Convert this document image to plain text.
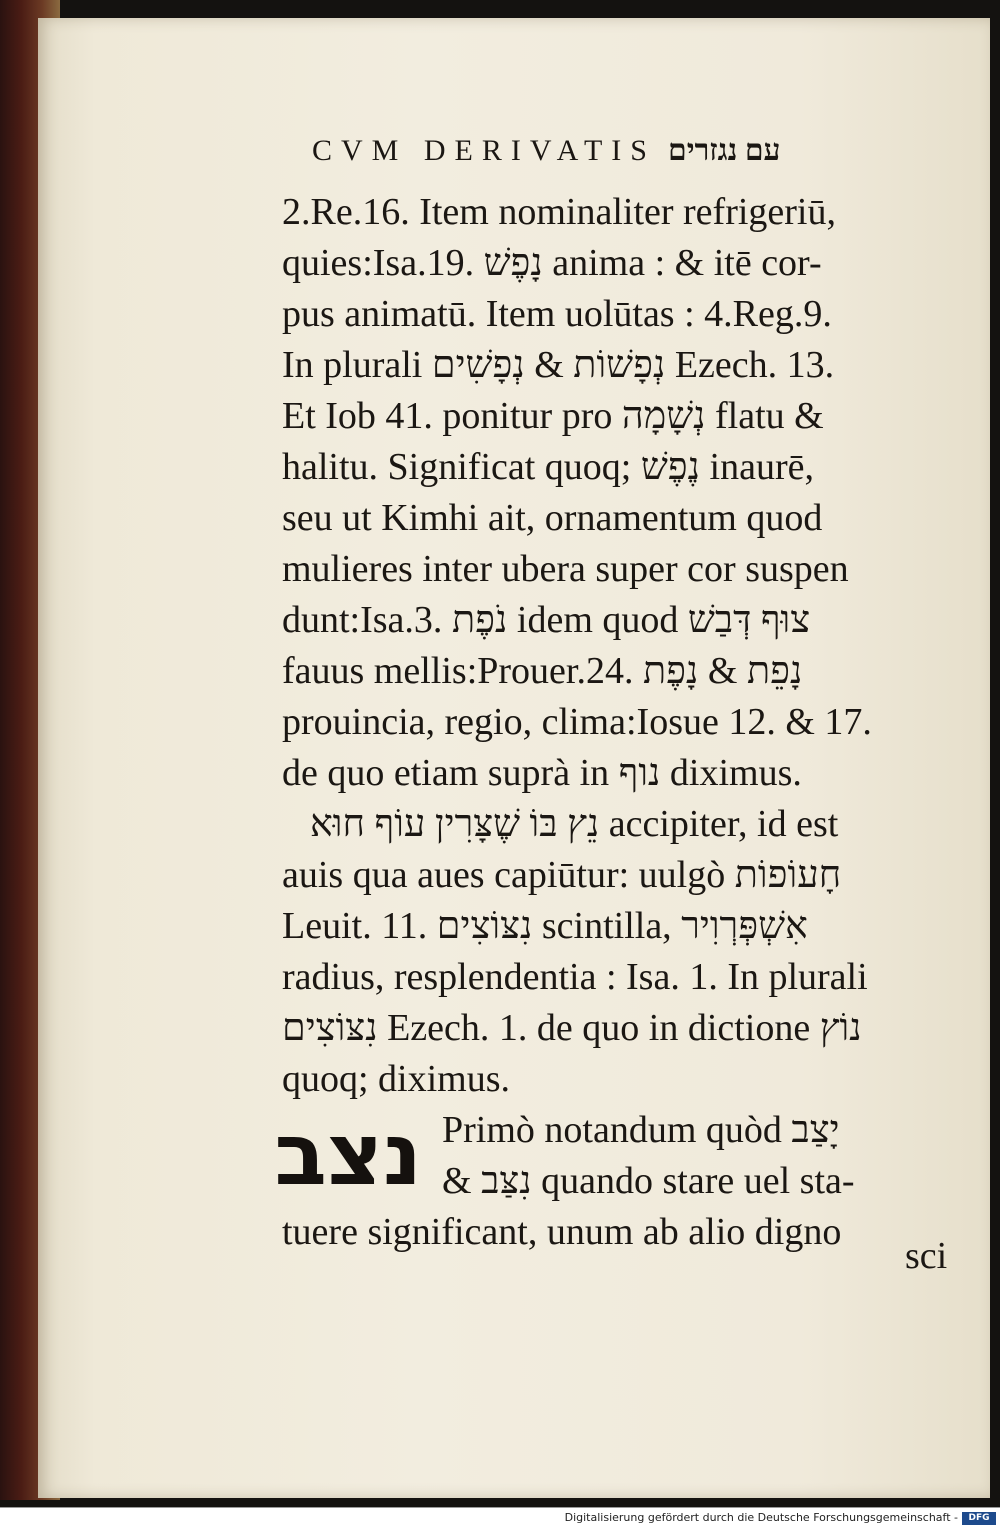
CVM DERIVATIS עם נגזרים
2.Re.16. Item nominaliter refrigeriū,
quies:Isa.19. נָפֶשׁ anima : & itē cor-
pus animatū. Item uolūtas : 4.Reg.9.
In plurali נְפָשׁוֹת & נְפָשִׁים Ezech. 13.
Et Iob 41. ponitur pro נְשָׁמָה flatu &
halitu. Significat quoq; נֶפֶשׁ inaurē,
seu ut Kimhi ait, ornamentum quod
mulieres inter ubera super cor suspen
dunt:Isa.3. נֹפֶת idem quod צוּף דְּבַשׁ
fauus mellis:Prouer.24. נָפֵת & נָפֶת
prouincia, regio, clima:Iosue 12. & 17.
de quo etiam suprà in נוף diximus.
נֵץ בּוֹ שֶׁצָּרִין עוֹף חוּא accipiter, id est
auis qua aues capiūtur: uulgò חָעוֹפוֹת
Leuit. 11. נִצּוֹצִים scintilla, אִשְׁפְּרְוִיר
radius, resplendentia : Isa. 1. In plurali
נִצּוֹצִים Ezech. 1. de quo in dictione נוֹץ
quoq; diximus.
נצב Primò notandum quòd יָצַב
& נִצַּב quando stare uel sta-
tuere significant, unum ab alio digno
sci
Digitalisierung gefördert durch die Deutsche Forschungsgemeinschaft -	DFG
